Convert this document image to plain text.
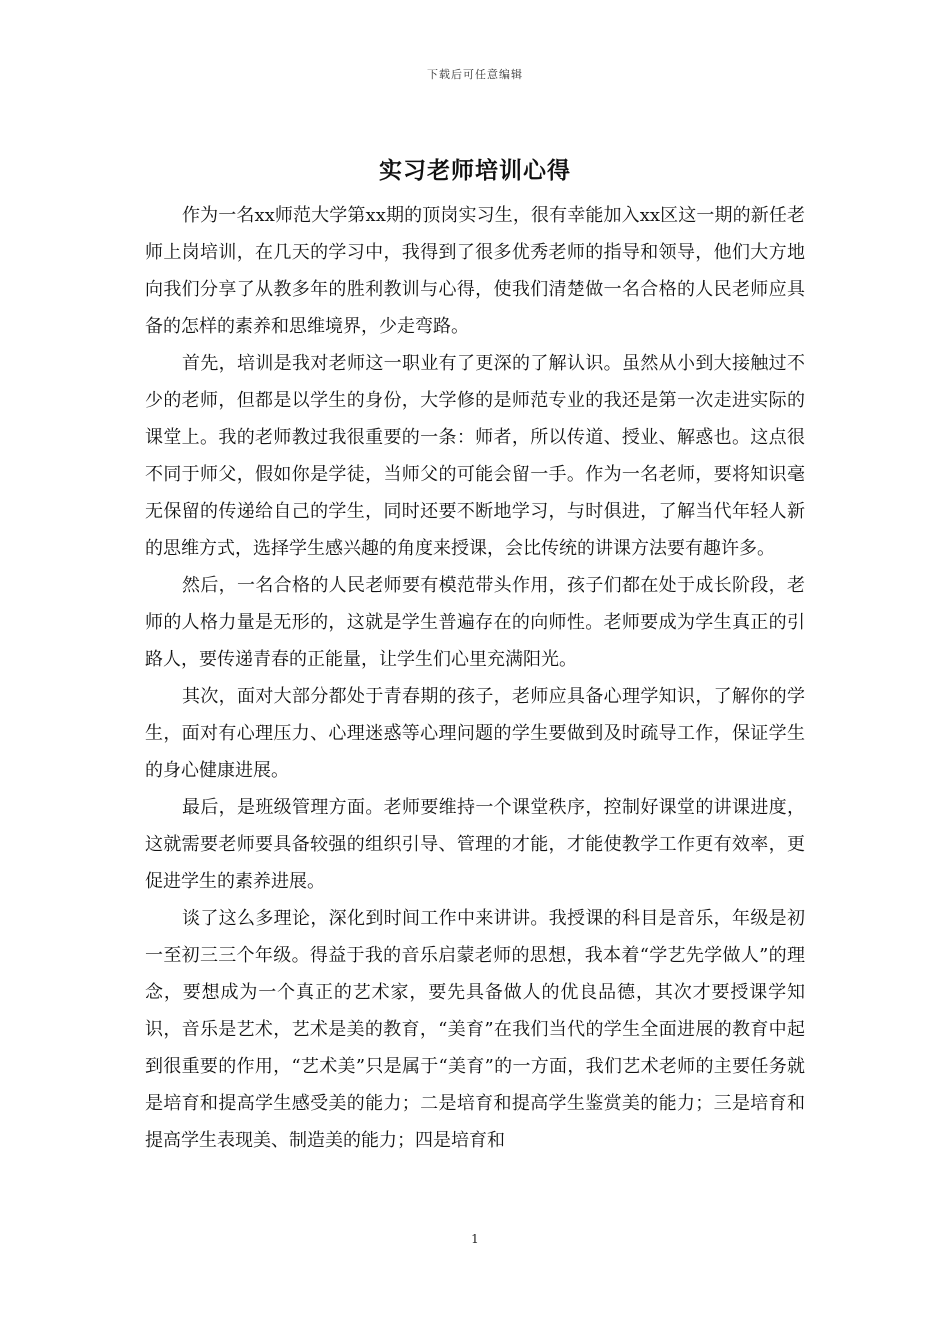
下载后可任意编辑
实习老师培训心得

作为一名xx师范大学第xx期的顶岗实习生，很有幸能加入xx区这一期的新任老师上岗培训，在几天的学习中，我得到了很多优秀老师的指导和领导，他们大方地向我们分享了从教多年的胜利教训与心得，使我们清楚做一名合格的人民老师应具备的怎样的素养和思维境界，少走弯路。

首先，培训是我对老师这一职业有了更深的了解认识。虽然从小到大接触过不少的老师，但都是以学生的身份，大学修的是师范专业的我还是第一次走进实际的课堂上。我的老师教过我很重要的一条：师者，所以传道、授业、解惑也。这点很不同于师父，假如你是学徒，当师父的可能会留一手。作为一名老师，要将知识毫无保留的传递给自己的学生，同时还要不断地学习，与时俱进，了解当代年轻人新的思维方式，选择学生感兴趣的角度来授课，会比传统的讲课方法要有趣许多。

然后，一名合格的人民老师要有模范带头作用，孩子们都在处于成长阶段，老师的人格力量是无形的，这就是学生普遍存在的向师性。老师要成为学生真正的引路人，要传递青春的正能量，让学生们心里充满阳光。

其次，面对大部分都处于青春期的孩子，老师应具备心理学知识，了解你的学生，面对有心理压力、心理迷惑等心理问题的学生要做到及时疏导工作，保证学生的身心健康进展。

最后，是班级管理方面。老师要维持一个课堂秩序，控制好课堂的讲课进度，这就需要老师要具备较强的组织引导、管理的才能，才能使教学工作更有效率，更促进学生的素养进展。

谈了这么多理论，深化到时间工作中来讲讲。我授课的科目是音乐，年级是初一至初三三个年级。得益于我的音乐启蒙老师的思想，我本着“学艺先学做人”的理念，要想成为一个真正的艺术家，要先具备做人的优良品德，其次才要授课学知识，音乐是艺术，艺术是美的教育，“美育”在我们当代的学生全面进展的教育中起到很重要的作用，“艺术美”只是属于“美育”的一方面，我们艺术老师的主要任务就是培育和提高学生感受美的能力；二是培育和提高学生鉴赏美的能力；三是培育和提高学生表现美、制造美的能力；四是培育和

1
